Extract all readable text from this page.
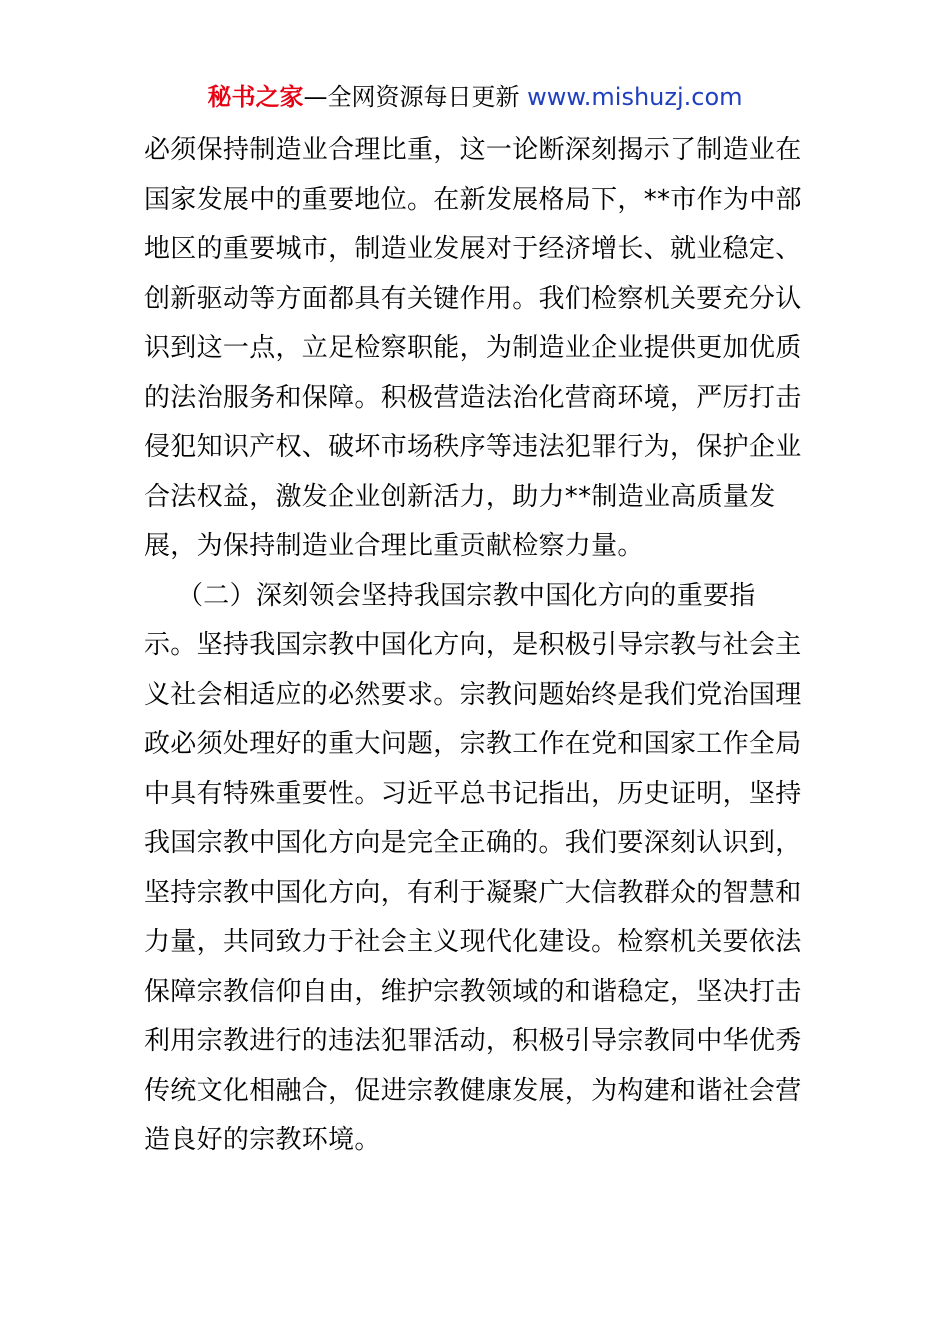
秘书之家—全网资源每日更新 www.mishuzj.com
必须保持制造业合理比重，这一论断深刻揭示了制造业在
国家发展中的重要地位。在新发展格局下，**市作为中部
地区的重要城市，制造业发展对于经济增长、就业稳定、
创新驱动等方面都具有关键作用。我们检察机关要充分认
识到这一点，立足检察职能，为制造业企业提供更加优质
的法治服务和保障。积极营造法治化营商环境，严厉打击
侵犯知识产权、破坏市场秩序等违法犯罪行为，保护企业
合法权益，激发企业创新活力，助力**制造业高质量发
展，为保持制造业合理比重贡献检察力量。
（二）深刻领会坚持我国宗教中国化方向的重要指
示。坚持我国宗教中国化方向，是积极引导宗教与社会主
义社会相适应的必然要求。宗教问题始终是我们党治国理
政必须处理好的重大问题，宗教工作在党和国家工作全局
中具有特殊重要性。习近平总书记指出，历史证明，坚持
我国宗教中国化方向是完全正确的。我们要深刻认识到，
坚持宗教中国化方向，有利于凝聚广大信教群众的智慧和
力量，共同致力于社会主义现代化建设。检察机关要依法
保障宗教信仰自由，维护宗教领域的和谐稳定，坚决打击
利用宗教进行的违法犯罪活动，积极引导宗教同中华优秀
传统文化相融合，促进宗教健康发展，为构建和谐社会营
造良好的宗教环境。
